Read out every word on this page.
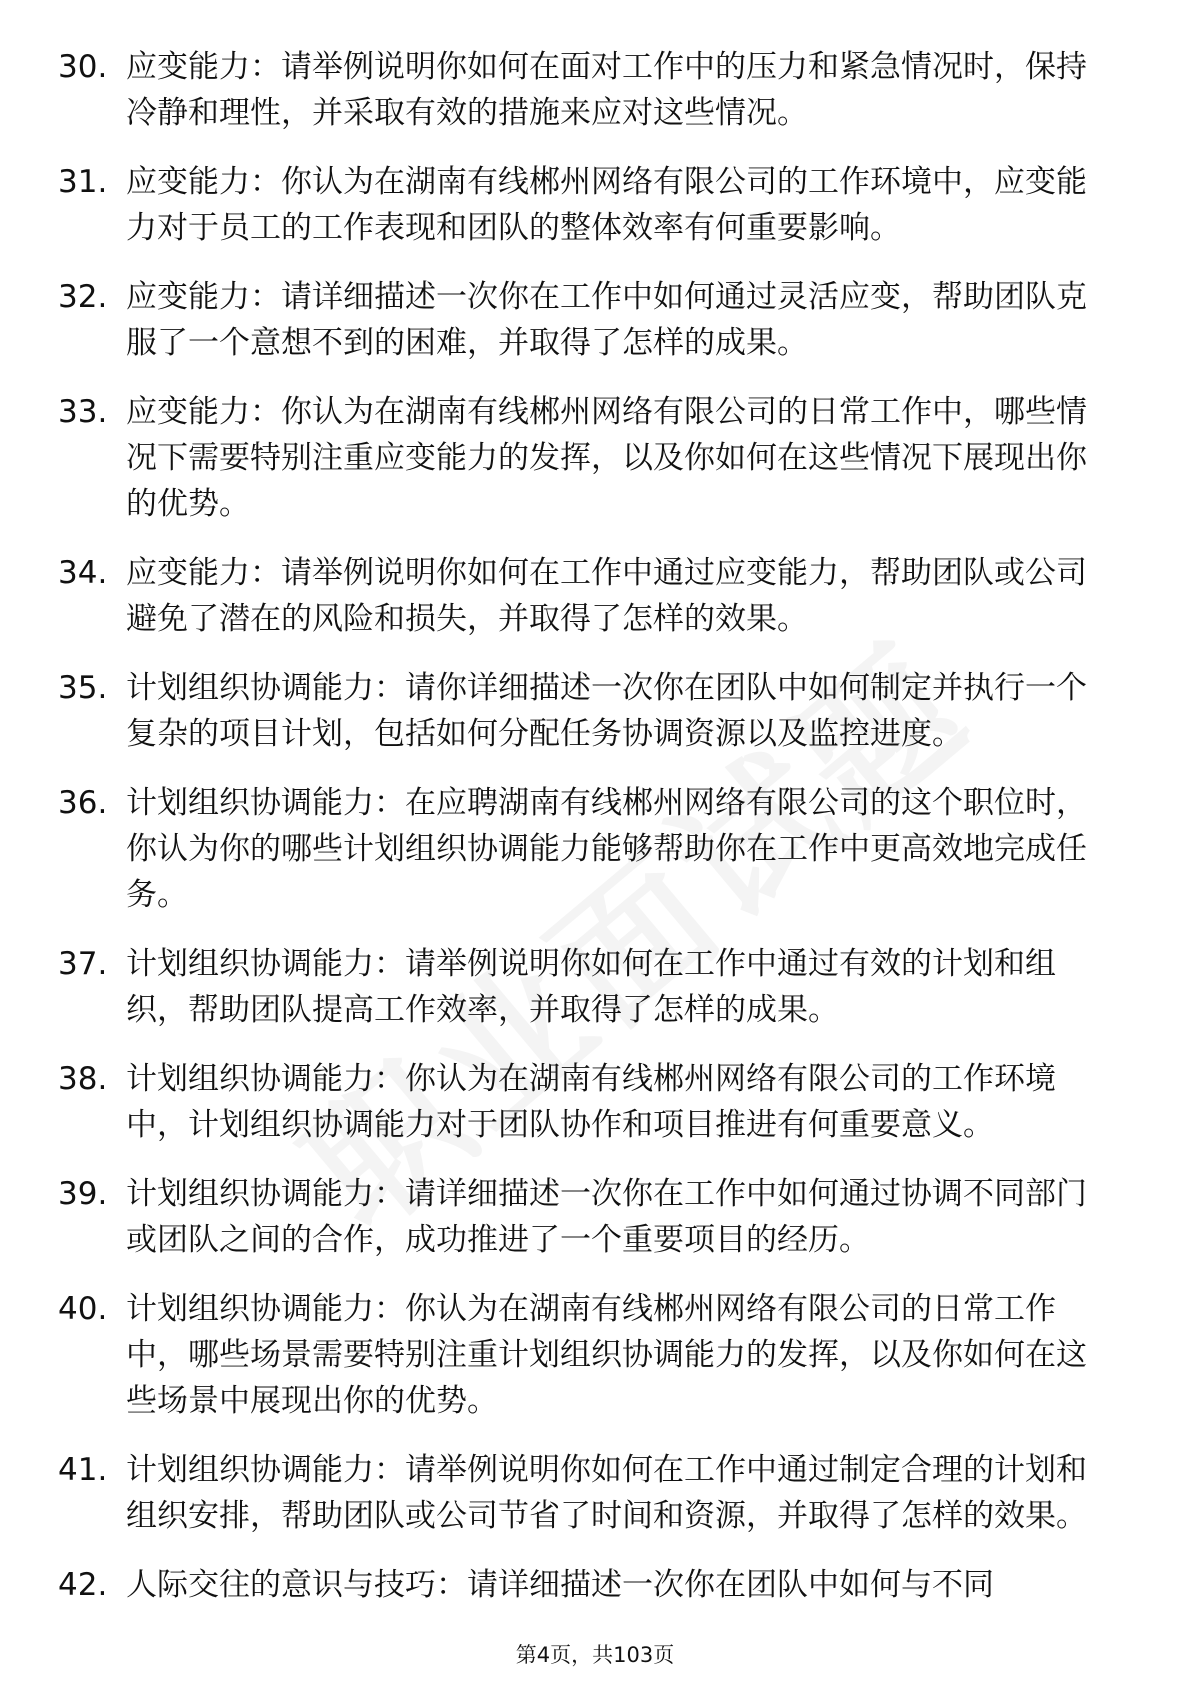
30. 应变能力：请举例说明你如何在面对工作中的压力和紧急情况时，保持冷静和理性，并采取有效的措施来应对这些情况。
31. 应变能力：你认为在湖南有线郴州网络有限公司的工作环境中，应变能力对于员工的工作表现和团队的整体效率有何重要影响。
32. 应变能力：请详细描述一次你在工作中如何通过灵活应变，帮助团队克服了一个意想不到的困难，并取得了怎样的成果。
33. 应变能力：你认为在湖南有线郴州网络有限公司的日常工作中，哪些情况下需要特别注重应变能力的发挥，以及你如何在这些情况下展现出你的优势。
34. 应变能力：请举例说明你如何在工作中通过应变能力，帮助团队或公司避免了潜在的风险和损失，并取得了怎样的效果。
35. 计划组织协调能力：请你详细描述一次你在团队中如何制定并执行一个复杂的项目计划，包括如何分配任务协调资源以及监控进度。
36. 计划组织协调能力：在应聘湖南有线郴州网络有限公司的这个职位时，你认为你的哪些计划组织协调能力能够帮助你在工作中更高效地完成任务。
37. 计划组织协调能力：请举例说明你如何在工作中通过有效的计划和组织，帮助团队提高工作效率，并取得了怎样的成果。
38. 计划组织协调能力：你认为在湖南有线郴州网络有限公司的工作环境中，计划组织协调能力对于团队协作和项目推进有何重要意义。
39. 计划组织协调能力：请详细描述一次你在工作中如何通过协调不同部门或团队之间的合作，成功推进了一个重要项目的经历。
40. 计划组织协调能力：你认为在湖南有线郴州网络有限公司的日常工作中，哪些场景需要特别注重计划组织协调能力的发挥，以及你如何在这些场景中展现出你的优势。
41. 计划组织协调能力：请举例说明你如何在工作中通过制定合理的计划和组织安排，帮助团队或公司节省了时间和资源，并取得了怎样的效果。
42. 人际交往的意识与技巧：请详细描述一次你在团队中如何与不同
第4页，共103页
